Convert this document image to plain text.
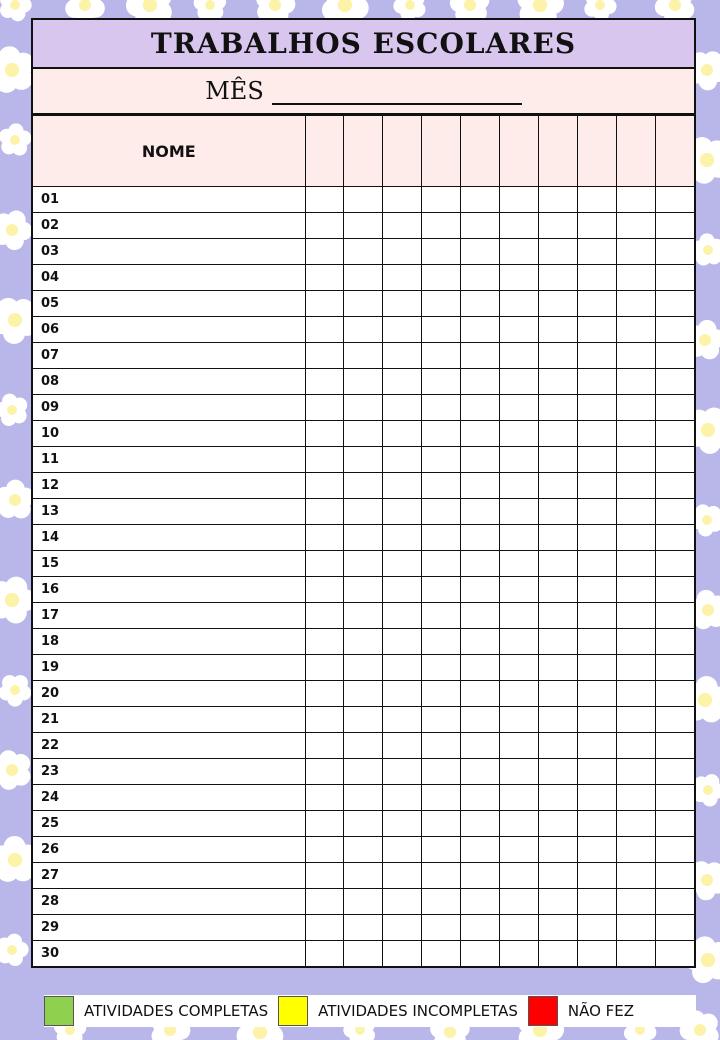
TRABALHOS ESCOLARES
MÊS
NOME										
01										
02										
03										
04										
05										
06										
07										
08										
09										
10										
11										
12										
13										
14										
15										
16										
17										
18										
19										
20										
21										
22										
23										
24										
25										
26										
27										
28										
29										
30										
ATIVIDADES COMPLETAS	ATIVIDADES INCOMPLETAS	NÃO FEZ
